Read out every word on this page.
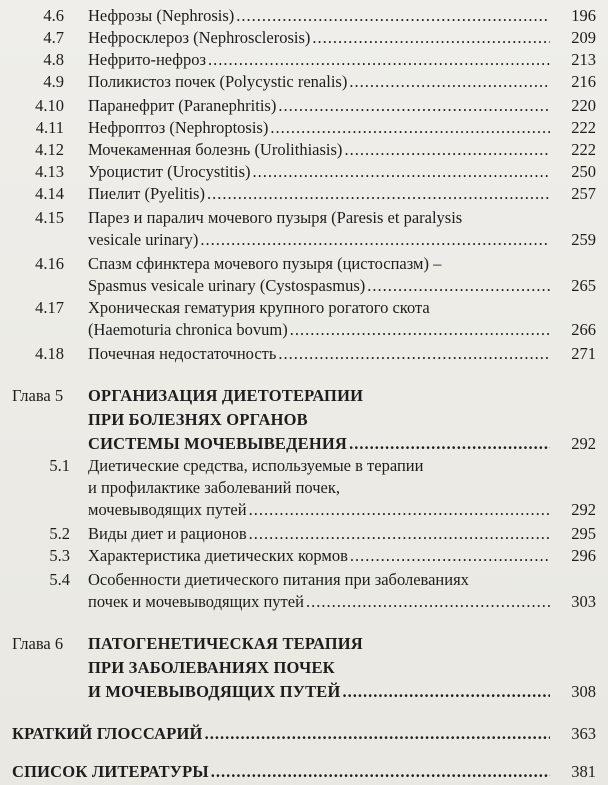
4.6 Нефрозы (Nephrosis) .....	196
4.7 Нефросклероз (Nephrosclerosis) .....	209
4.8 Нефрито-нефроз .....	213
4.9 Поликистоз почек (Polycystic renalis) .....	216
4.10 Паранефрит (Paranephritis) .....	220
4.11 Нефроптоз (Nephroptosis) .....	222
4.12 Мочекаменная болезнь (Urolithiasis) .....	222
4.13 Уроцистит (Urocystitis) .....	250
4.14 Пиелит (Pyelitis) .....	257
4.15 Парез и паралич мочевого пузыря (Paresis et paralysis
vesicale urinary) .....	259
4.16 Спазм сфинктера мочевого пузыря (цистоспазм) –
Spasmus vesicale urinary (Cystospasmus) .....	265
4.17 Хроническая гематурия крупного рогатого скота
(Haemoturia chronica bovum) .....	266
4.18 Почечная недостаточность .....	271
Глава 5 ОРГАНИЗАЦИЯ ДИЕТОТЕРАПИИ
ПРИ БОЛЕЗНЯХ ОРГАНОВ
СИСТЕМЫ МОЧЕВЫВЕДЕНИЯ .....	292
5.1 Диетические средства, используемые в терапии
и профилактике заболеваний почек,
мочевыводящих путей .....	292
5.2 Виды диет и рационов .....	295
5.3 Характеристика диетических кормов .....	296
5.4 Особенности диетического питания при заболеваниях
почек и мочевыводящих путей .....	303
Глава 6 ПАТОГЕНЕТИЧЕСКАЯ ТЕРАПИЯ
ПРИ ЗАБОЛЕВАНИЯХ ПОЧЕК
И МОЧЕВЫВОДЯЩИХ ПУТЕЙ .....	308
КРАТКИЙ ГЛОССАРИЙ .....	363
СПИСОК ЛИТЕРАТУРЫ .....	381
